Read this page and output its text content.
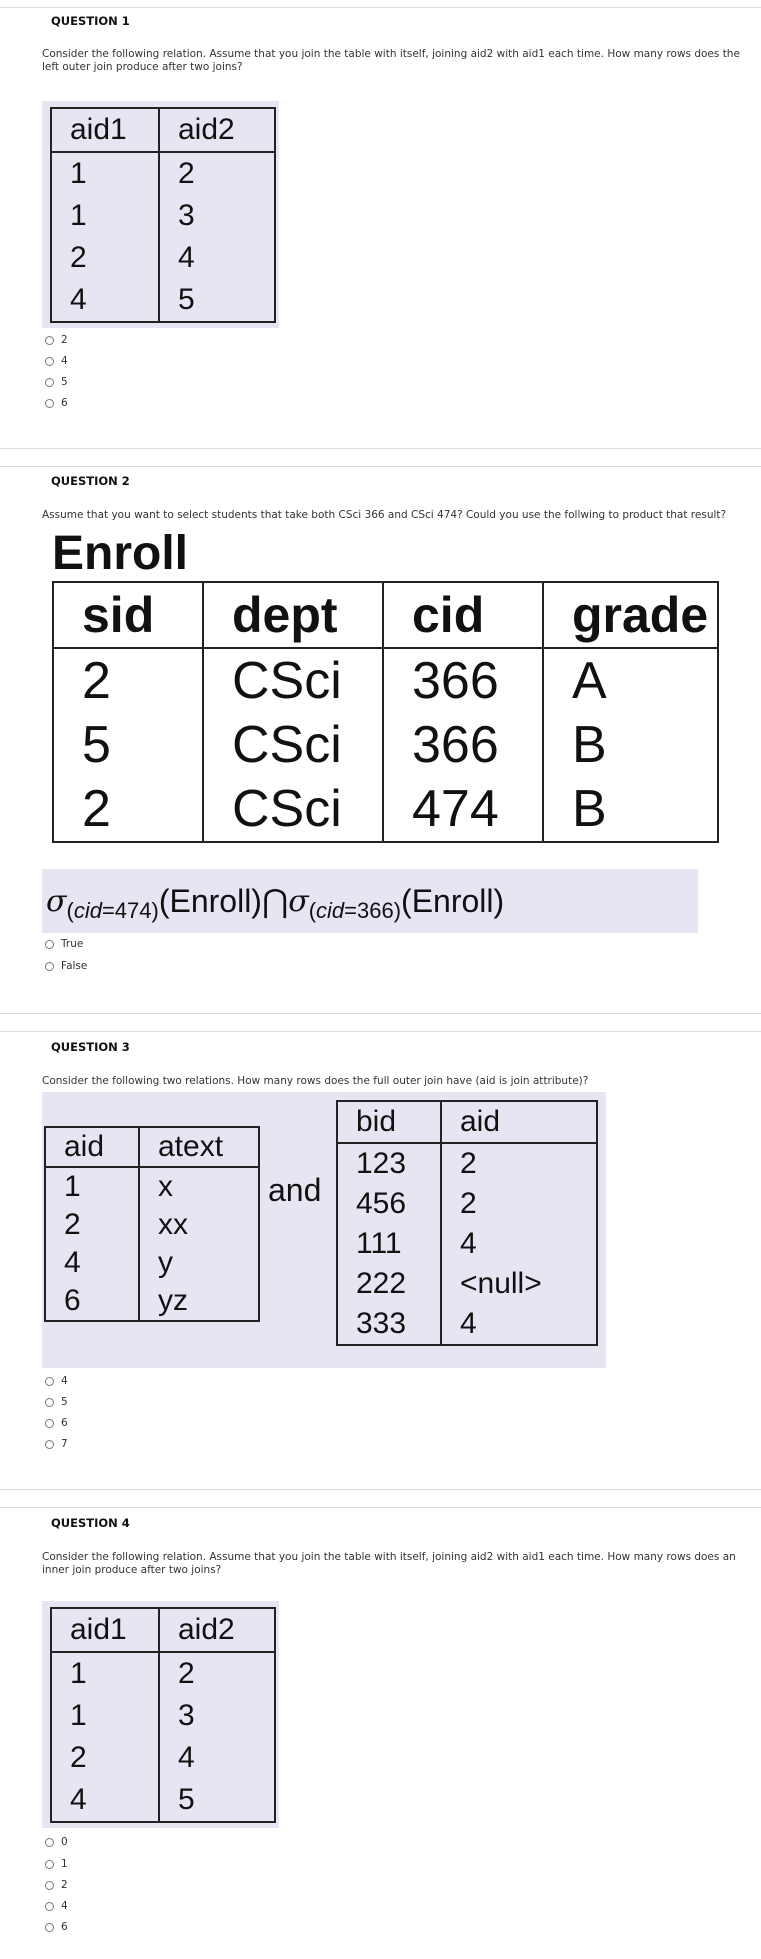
QUESTION 1
Consider the following relation. Assume that you join the table with itself, joining aid2 with aid1 each time. How many rows does the left outer join produce after two joins?
aid1	aid2
1	2
1	3
2	4
4	5
2
4
5
6
QUESTION 2
Assume that you want to select students that take both CSci 366 and CSci 474? Could you use the follwing to product that result?
Enroll
sid	dept	cid	grade
2	CSci	366	A
5	CSci	366	B
2	CSci	474	B
σ (cid=474) (Enroll) ⋂ σ (cid=366) (Enroll)
True
False
QUESTION 3
Consider the following two relations. How many rows does the full outer join have (aid is join attribute)?
aid	atext
1	x
2	xx
4	y
6	yz
and
bid	aid
123	2
456	2
111	4
222	<null>
333	4
4
5
6
7
QUESTION 4
Consider the following relation. Assume that you join the table with itself, joining aid2 with aid1 each time. How many rows does an inner join produce after two joins?
aid1	aid2
1	2
1	3
2	4
4	5
0
1
2
4
6
